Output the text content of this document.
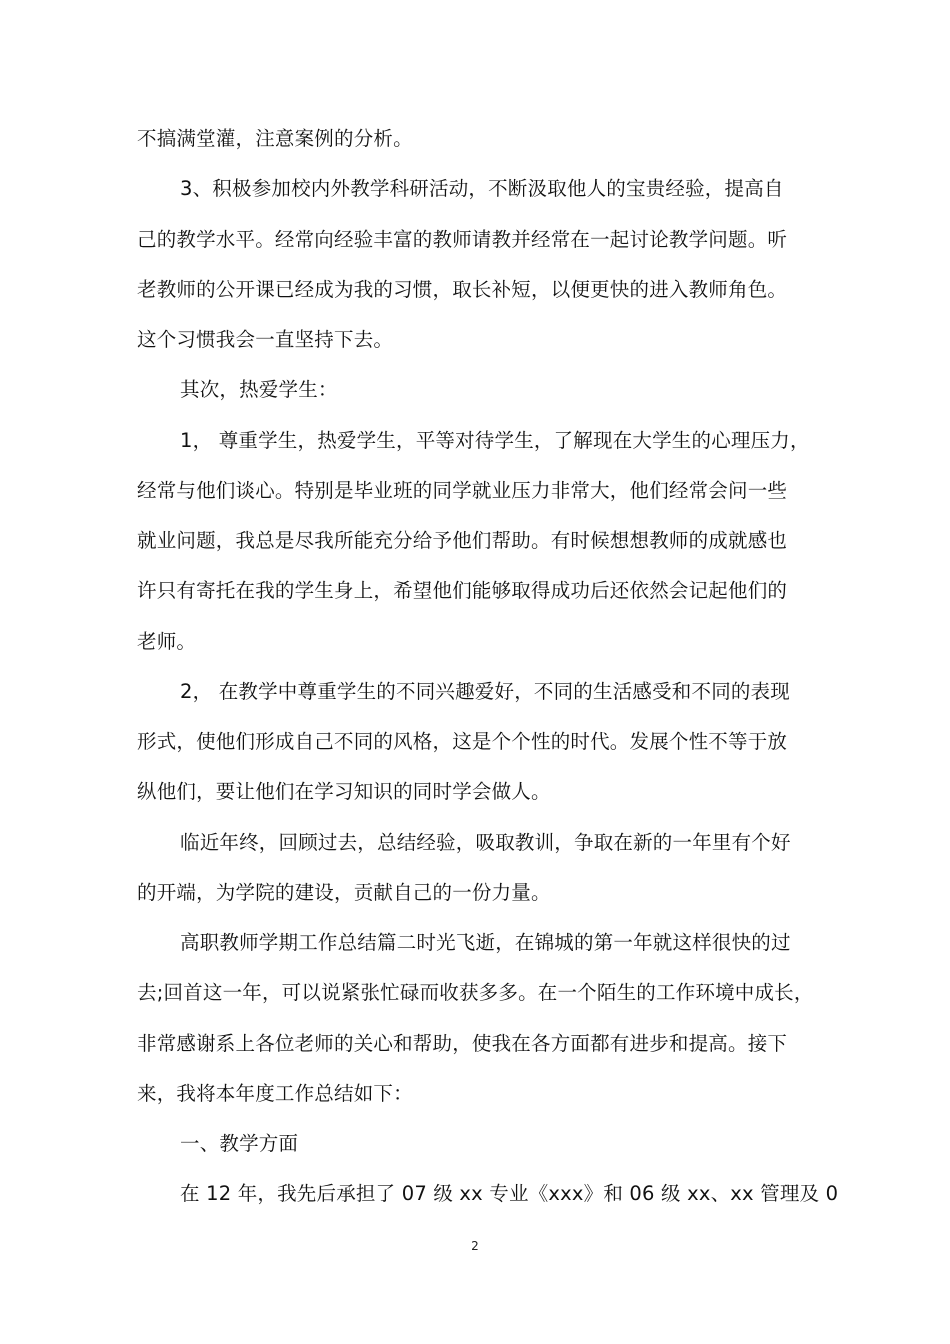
不搞满堂灌，注意案例的分析。
3、积极参加校内外教学科研活动，不断汲取他人的宝贵经验，提高自
己的教学水平。经常向经验丰富的教师请教并经常在一起讨论教学问题。听
老教师的公开课已经成为我的习惯，取长补短，以便更快的进入教师角色。
这个习惯我会一直坚持下去。
其次，热爱学生：
1， 尊重学生，热爱学生，平等对待学生，了解现在大学生的心理压力，
经常与他们谈心。特别是毕业班的同学就业压力非常大，他们经常会问一些
就业问题，我总是尽我所能充分给予他们帮助。有时候想想教师的成就感也
许只有寄托在我的学生身上，希望他们能够取得成功后还依然会记起他们的
老师。
2， 在教学中尊重学生的不同兴趣爱好，不同的生活感受和不同的表现
形式，使他们形成自己不同的风格，这是个个性的时代。发展个性不等于放
纵他们，要让他们在学习知识的同时学会做人。
临近年终，回顾过去，总结经验，吸取教训，争取在新的一年里有个好
的开端，为学院的建设，贡献自己的一份力量。
高职教师学期工作总结篇二时光飞逝，在锦城的第一年就这样很快的过
去;回首这一年，可以说紧张忙碌而收获多多。在一个陌生的工作环境中成长，
非常感谢系上各位老师的关心和帮助，使我在各方面都有进步和提高。接下
来，我将本年度工作总结如下：
一、教学方面
在 12 年，我先后承担了 07 级 xx 专业《xxx》和 06 级 xx、xx 管理及 0
2
